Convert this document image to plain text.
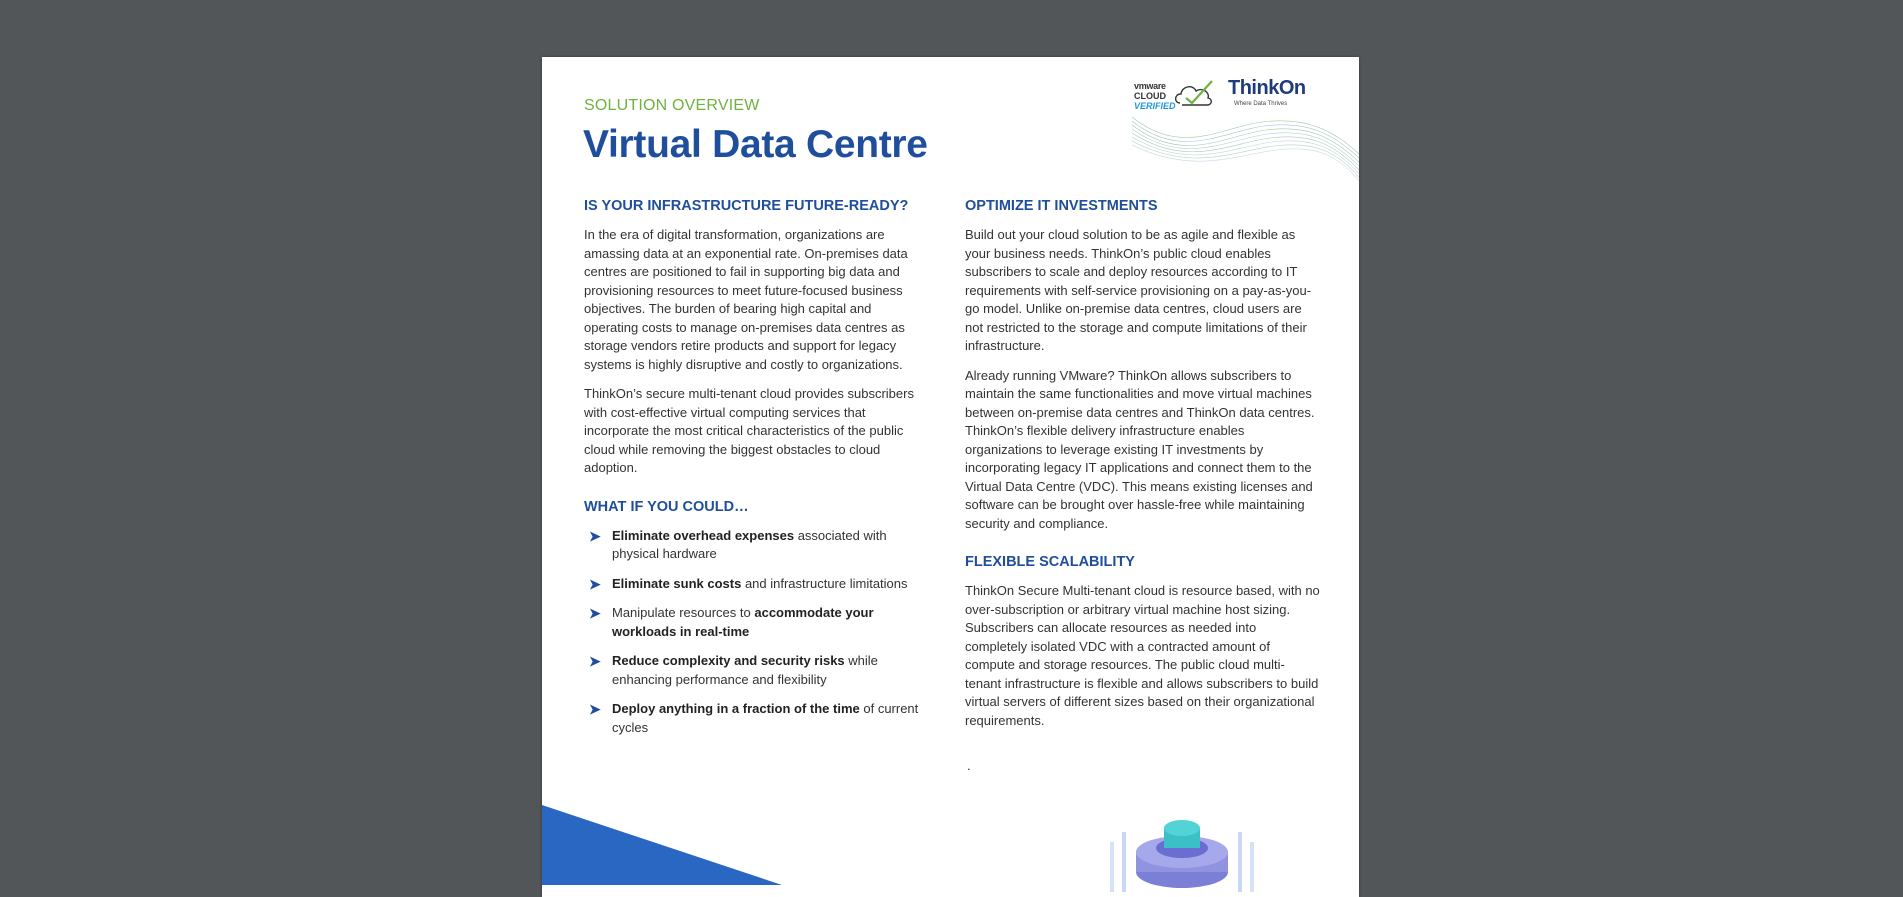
SOLUTION OVERVIEW
Virtual Data Centre
vmware
CLOUD
VERIFIED
ThinkOn
Where Data Thrives
IS YOUR INFRASTRUCTURE FUTURE-READY?

In the era of digital transformation, organizations are amassing data at an exponential rate. On-premises data centres are positioned to fail in supporting big data and provisioning resources to meet future-focused business objectives. The burden of bearing high capital and operating costs to manage on-premises data centres as storage vendors retire products and support for legacy systems is highly disruptive and costly to organizations.

ThinkOn’s secure multi-tenant cloud provides subscribers with cost-effective virtual computing services that incorporate the most critical characteristics of the public cloud while removing the biggest obstacles to cloud adoption.

WHAT IF YOU COULD…
➤ Eliminate overhead expenses associated with physical hardware
➤ Eliminate sunk costs and infrastructure limitations
➤ Manipulate resources to accommodate your workloads in real-time
➤ Reduce complexity and security risks while enhancing performance and flexibility
➤ Deploy anything in a fraction of the time of current cycles
OPTIMIZE IT INVESTMENTS

Build out your cloud solution to be as agile and flexible as your business needs. ThinkOn’s public cloud enables subscribers to scale and deploy resources according to IT requirements with self-service provisioning on a pay-as-you-go model. Unlike on-premise data centres, cloud users are not restricted to the storage and compute limitations of their infrastructure.

Already running VMware? ThinkOn allows subscribers to maintain the same functionalities and move virtual machines between on-premise data centres and ThinkOn data centres. ThinkOn’s flexible delivery infrastructure enables organizations to leverage existing IT investments by incorporating legacy IT applications and connect them to the Virtual Data Centre (VDC). This means existing licenses and software can be brought over hassle-free while maintaining security and compliance.

FLEXIBLE SCALABILITY

ThinkOn Secure Multi-tenant cloud is resource based, with no over-subscription or arbitrary virtual machine host sizing. Subscribers can allocate resources as needed into completely isolated VDC with a contracted amount of compute and storage resources. The public cloud multi-tenant infrastructure is flexible and allows subscribers to build virtual servers of different sizes based on their organizational requirements.

.
